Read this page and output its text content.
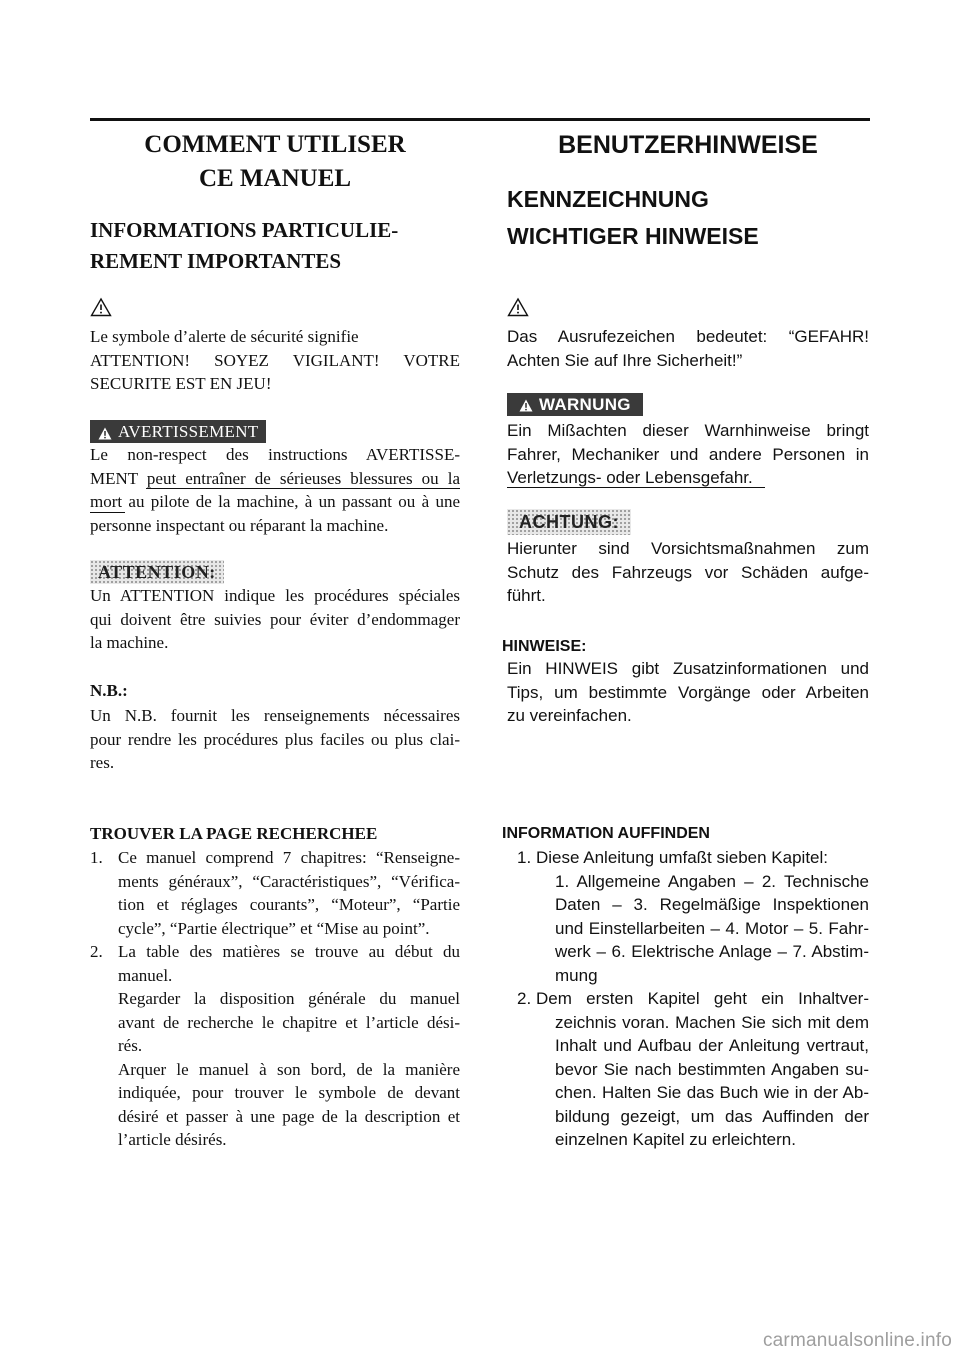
COMMENT UTILISER
CE MANUEL
INFORMATIONS PARTICULIE-
REMENT IMPORTANTES
Le symbole d’alerte de sécurité signifie
ATTENTION! SOYEZ VIGILANT! VOTRE
SECURITE EST EN JEU!
AVERTISSEMENT
Le non-respect des instructions AVERTISSE-
MENT peut entraîner de sérieuses blessures ou la
mort au pilote de la machine, à un passant ou à une
personne inspectant ou réparant la machine.
ATTENTION:
Un ATTENTION indique les procédures spéciales
qui doivent être suivies pour éviter d’endommager
la machine.
N.B.:
Un N.B. fournit les renseignements nécessaires
pour rendre les procédures plus faciles ou plus clai-
res.
TROUVER LA PAGE RECHERCHEE
1. Ce manuel comprend 7 chapitres: “Renseigne-
ments généraux”, “Caractéristiques”, “Vérifica-
tion et réglages courants”, “Moteur”, “Partie
cycle”, “Partie électrique” et “Mise au point”.
2. La table des matières se trouve au début du
manuel.
Regarder la disposition générale du manuel
avant de recherche le chapitre et l’article dési-
rés.
Arquer le manuel à son bord, de la manière
indiquée, pour trouver le symbole de devant
désiré et passer à une page de la description et
l’article désirés.
BENUTZERHINWEISE
KENNZEICHNUNG
WICHTIGER HINWEISE
Das Ausrufezeichen bedeutet: “GEFAHR!
Achten Sie auf Ihre Sicherheit!”
WARNUNG
Ein Mißachten dieser Warnhinweise bringt
Fahrer, Mechaniker und andere Personen in
Verletzungs- oder Lebensgefahr.
ACHTUNG:
Hierunter sind Vorsichtsmaßnahmen zum
Schutz des Fahrzeugs vor Schäden aufge-
führt.
HINWEISE:
Ein HINWEIS gibt Zusatzinformationen und
Tips, um bestimmte Vorgänge oder Arbeiten
zu vereinfachen.
INFORMATION AUFFINDEN
1. Diese Anleitung umfaßt sieben Kapitel:
1. Allgemeine Angaben – 2. Technische
Daten – 3. Regelmäßige Inspektionen
und Einstellarbeiten – 4. Motor – 5. Fahr-
werk – 6. Elektrische Anlage – 7. Abstim-
mung
2. Dem ersten Kapitel geht ein Inhaltver-
zeichnis voran. Machen Sie sich mit dem
Inhalt und Aufbau der Anleitung vertraut,
bevor Sie nach bestimmten Angaben su-
chen. Halten Sie das Buch wie in der Ab-
bildung gezeigt, um das Auffinden der
einzelnen Kapitel zu erleichtern.
carmanualsonline.info
